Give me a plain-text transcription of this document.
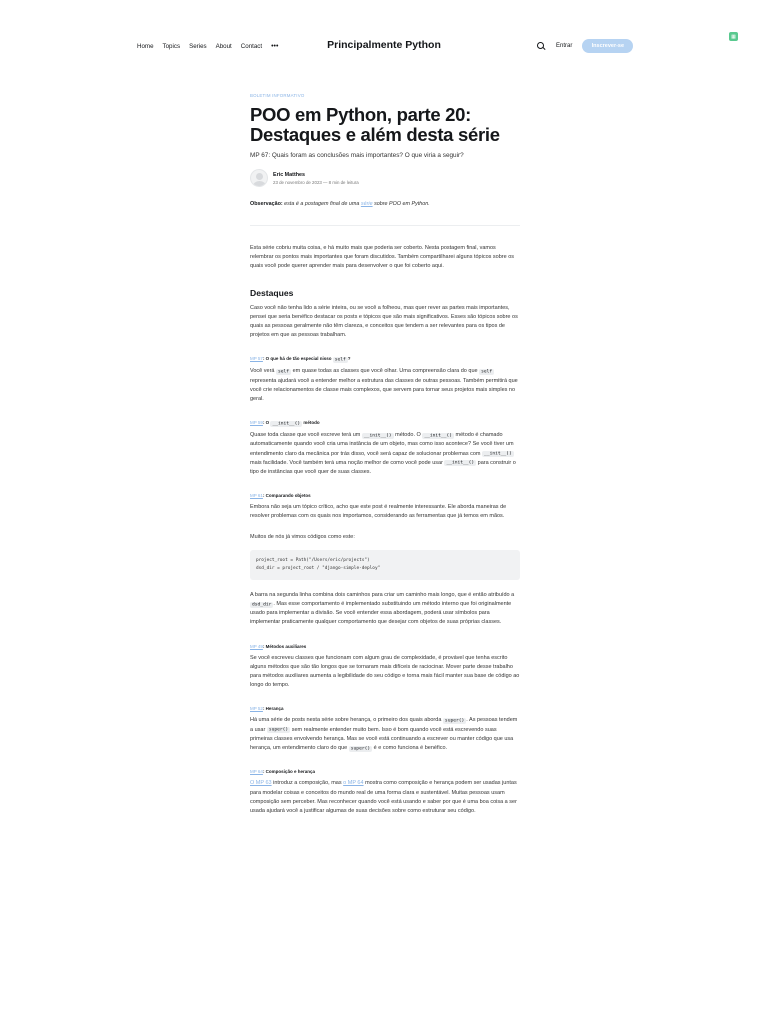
▦
Principalmente Python
Home Topics Series About Contact •••	Entrar	Inscrever-se
BOLETIM INFORMATIVO
POO em Python, parte 20:
Destaques e além desta série
MP 67: Quais foram as conclusões mais importantes? O que viria a seguir?
Eric Matthes
23 de novembro de 2023 — 8 min de leitura
Observação: esta é a postagem final de uma série sobre POO em Python.

Esta série cobriu muita coisa, e há muito mais que poderia ser coberto. Nesta postagem final, vamos relembrar os pontos mais importantes que foram discutidos. Também compartilharei alguns tópicos sobre os quais você pode querer aprender mais para desenvolver o que foi coberto aqui.

Destaques

Caso você não tenha lido a série inteira, ou se você a folheou, mas quer rever as partes mais importantes, pensei que seria benéfico destacar os posts e tópicos que são mais significativos. Esses são tópicos sobre os quais as pessoas geralmente não têm clareza, e conceitos que tendem a ser relevantes para os tipos de projetos em que as pessoas trabalham.

MP 57: O que há de tão especial nisso self ?

Você verá self em quase todas as classes que você olhar. Uma compreensão clara do que self representa ajudará você a entender melhor a estrutura das classes de outras pessoas. Também permitirá que você crie relacionamentos de classe mais complexos, que servem para tornar seus projetos mais simples no geral.

MP 59: O __init__() método

Quase toda classe que você escreve terá um __init__() método. O __init__() método é chamado automaticamente quando você cria uma instância de um objeto, mas como isso acontece? Se você tiver um entendimento claro da mecânica por trás disso, você será capaz de solucionar problemas com __init__() mais facilidade. Você também terá uma noção melhor de como você pode usar __init__() para construir o tipo de instâncias que você quer de suas classes.

MP 61: Comparando objetos

Embora não seja um tópico crítico, acho que este post é realmente interessante. Ele aborda maneiras de resolver problemas com os quais nos importamos, considerando as ferramentas que já temos em mãos.

Muitos de nós já vimos códigos como este:

project_root = Path("/Users/eric/projects")
dsd_dir = project_root / "django-simple-deploy"

A barra na segunda linha combina dois caminhos para criar um caminho mais longo, que é então atribuído a dsd_dir . Mas esse comportamento é implementado substituindo um método interno que foi originalmente usado para implementar a divisão. Se você entender essa abordagem, poderá usar símbolos para implementar praticamente qualquer comportamento que desejar com objetos de suas próprias classes.

MP 49: Métodos auxiliares

Se você escreveu classes que funcionam com algum grau de complexidade, é provável que tenha escrito alguns métodos que são tão longos que se tornaram mais difíceis de raciocinar. Mover parte desse trabalho para métodos auxiliares aumenta a legibilidade do seu código e torna mais fácil manter sua base de código ao longo do tempo.

MP 52: Herança

Há uma série de posts nesta série sobre herança, o primeiro dos quais aborda super() . As pessoas tendem a usar super() sem realmente entender muito bem. Isso é bom quando você está escrevendo suas primeiras classes envolvendo herança. Mas se você está continuando a escrever ou manter código que usa herança, um entendimento claro do que super() é e como funciona é benéfico.

MP 64: Composição e herança

O MP 63 introduz a composição, mas o MP 64 mostra como composição e herança podem ser usadas juntas para modelar coisas e conceitos do mundo real de uma forma clara e sustentável. Muitas pessoas usam composição sem perceber. Mas reconhecer quando você está usando e saber por que é uma boa coisa a ser usada ajudará você a justificar algumas de suas decisões sobre como estruturar seu código.
